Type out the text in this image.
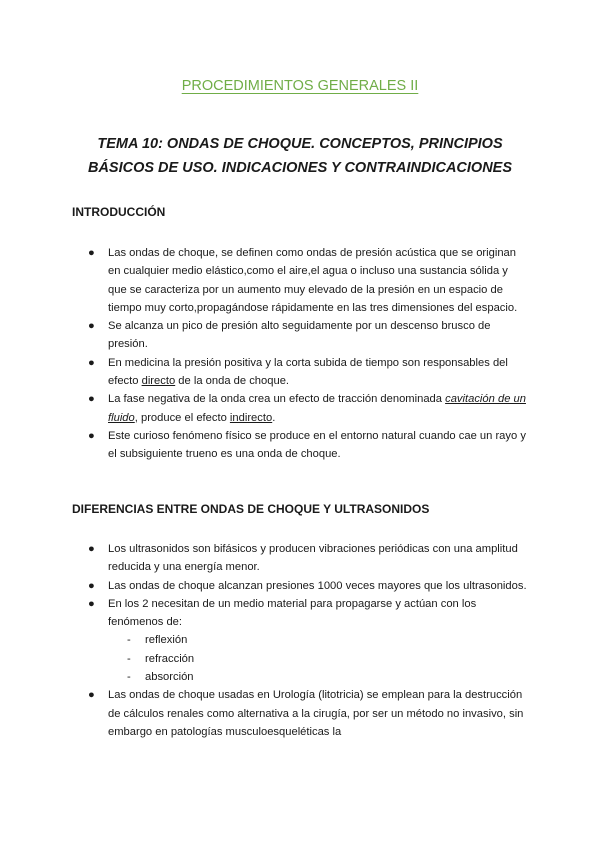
PROCEDIMIENTOS GENERALES II
TEMA 10: ONDAS DE CHOQUE. CONCEPTOS, PRINCIPIOS
BÁSICOS DE USO. INDICACIONES Y CONTRAINDICACIONES
INTRODUCCIÓN
● Las ondas de choque, se definen como ondas de presión acústica que se originan en cualquier medio elástico,como el aire,el agua o incluso una sustancia sólida y que se caracteriza por un aumento muy elevado de la presión en un espacio de tiempo muy corto,propagándose rápidamente en las tres dimensiones del espacio.
● Se alcanza un pico de presión alto seguidamente por un descenso brusco de presión.
● En medicina la presión positiva y la corta subida de tiempo son responsables del efecto directo de la onda de choque.
● La fase negativa de la onda crea un efecto de tracción denominada cavitación de un fluido, produce el efecto indirecto.
● Este curioso fenómeno físico se produce en el entorno natural cuando cae un rayo y el subsiguiente trueno es una onda de choque.
DIFERENCIAS ENTRE ONDAS DE CHOQUE Y ULTRASONIDOS
● Los ultrasonidos son bifásicos y producen vibraciones periódicas con una amplitud reducida y una energía menor.
● Las ondas de choque alcanzan presiones 1000 veces mayores que los ultrasonidos.
● En los 2 necesitan de un medio material para propagarse y actúan con los fenómenos de:
- reflexión
- refracción
- absorción
● Las ondas de choque usadas en Urología (litotricia) se emplean para la destrucción de cálculos renales como alternativa a la cirugía, por ser un método no invasivo, sin embargo en patologías musculoesqueléticas la
